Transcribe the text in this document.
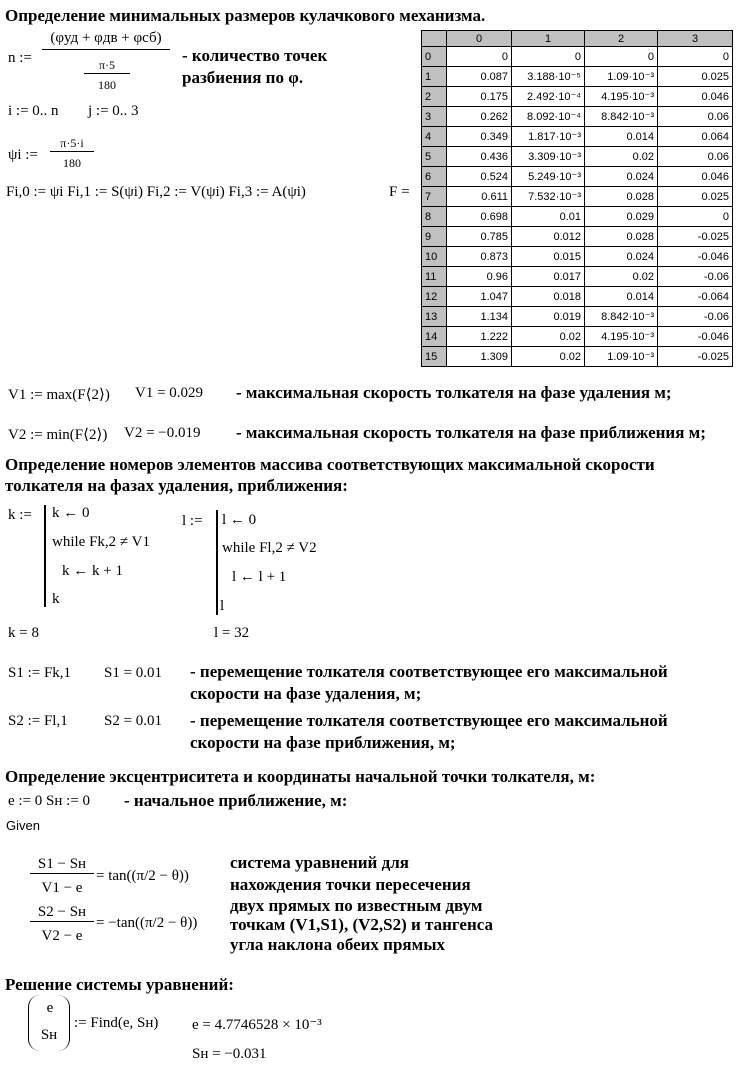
Определение минимальных размеров кулачкового механизма.
n :=
(φуд + φдв + φсб)
π·5
180
- количество точек
разбиения по φ.
i := 0.. n j := 0.. 3
ψi :=
π·5·i
180
Fi,0 := ψi Fi,1 := S(ψi) Fi,2 := V(ψi) Fi,3 := A(ψi)	F =
	0	1	2	3
0	0	0	0	0
1	0.087	3.188·10⁻⁵	1.09·10⁻³	0.025
2	0.175	2.492·10⁻⁴	4.195·10⁻³	0.046
3	0.262	8.092·10⁻⁴	8.842·10⁻³	0.06
4	0.349	1.817·10⁻³	0.014	0.064
5	0.436	3.309·10⁻³	0.02	0.06
6	0.524	5.249·10⁻³	0.024	0.046
7	0.611	7.532·10⁻³	0.028	0.025
8	0.698	0.01	0.029	0
9	0.785	0.012	0.028	-0.025
10	0.873	0.015	0.024	-0.046
11	0.96	0.017	0.02	-0.06
12	1.047	0.018	0.014	-0.064
13	1.134	0.019	8.842·10⁻³	-0.06
14	1.222	0.02	4.195·10⁻³	-0.046
15	1.309	0.02	1.09·10⁻³	-0.025
V1 := max(F⟨2⟩) V1 = 0.029 - максимальная скорость толкателя на фазе удаления м;
V2 := min(F⟨2⟩) V2 = −0.019 - максимальная скорость толкателя на фазе приближения м;
Определение номеров элементов массива соответствующих максимальной скорости
толкателя на фазах удаления, приближения:
k := k ← 0
while Fk,2 ≠ V1
k ← k + 1
k
k = 8
l := l ← 0
while Fl,2 ≠ V2
l ← l + 1
l
l = 32
S1 := Fk,1 S1 = 0.01 - перемещение толкателя соответствующее его максимальной
скорости на фазе удаления, м;
S2 := Fl,1 S2 = 0.01 - перемещение толкателя соответствующее его максимальной
скорости на фазе приближения, м;
Определение эксцентриситета и координаты начальной точки толкателя, м:
e := 0 Sн := 0 - начальное приближение, м:
Given
S1 − Sн
V1 − e
= tan((π/2 − θ))
S2 − Sн
V2 − e
= −tan((π/2 − θ))
система уравнений для
нахождения точки пересечения
двух прямых по известным двум
точкам (V1,S1), (V2,S2) и тангенса
угла наклона обеих прямых
Решение системы уравнений:
e
Sн
:= Find(e, Sн) e = 4.7746528 × 10⁻³
Sн = −0.031
